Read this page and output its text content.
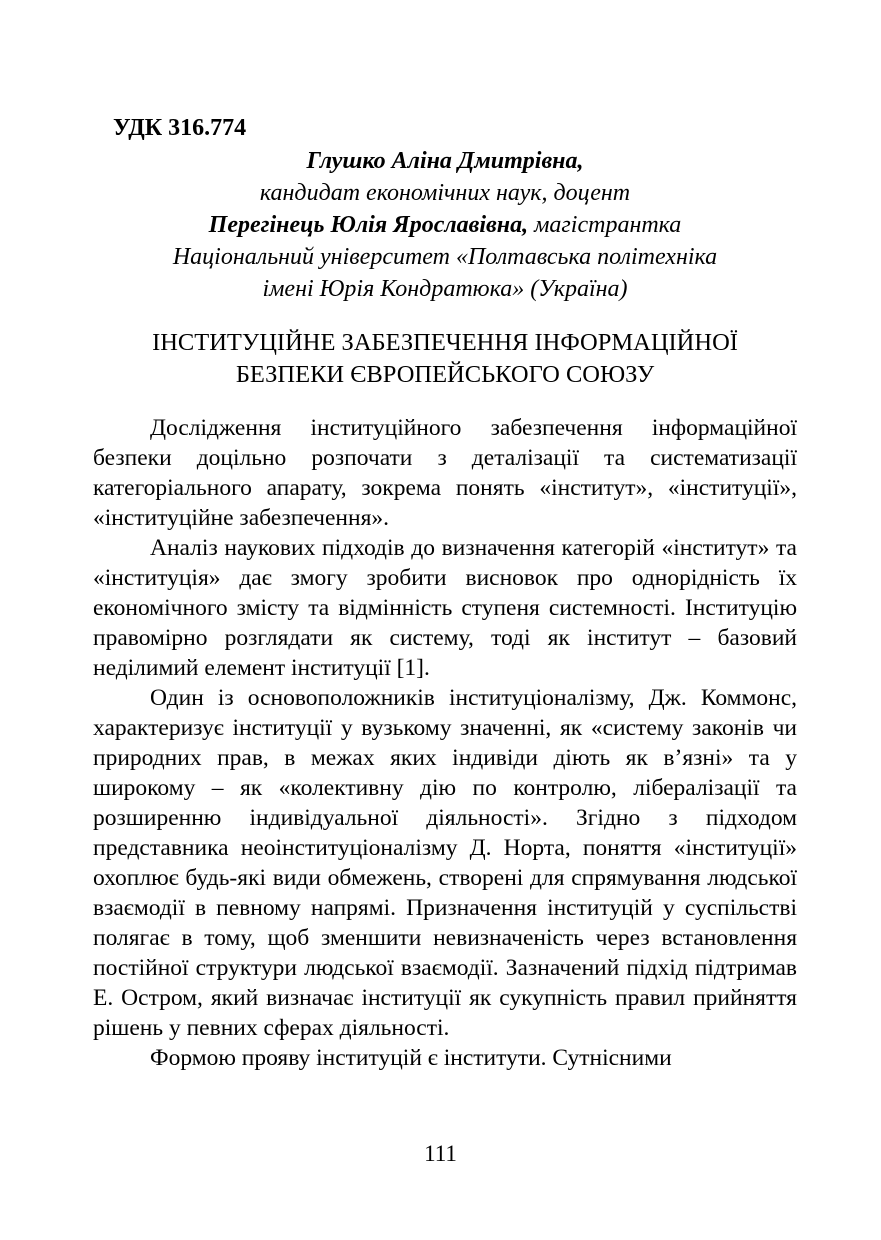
УДК 316.774
Глушко Аліна Дмитрівна,
кандидат економічних наук, доцент
Перегінець Юлія Ярославівна, магістрантка
Національний університет «Полтавська політехніка
імені Юрія Кондратюка» (Україна)
ІНСТИТУЦІЙНЕ ЗАБЕЗПЕЧЕННЯ ІНФОРМАЦІЙНОЇ БЕЗПЕКИ ЄВРОПЕЙСЬКОГО СОЮЗУ

Дослідження інституційного забезпечення інформаційної безпеки доцільно розпочати з деталізації та систематизації категоріального апарату, зокрема понять «інститут», «інституції», «інституційне забезпечення».

Аналіз наукових підходів до визначення категорій «інститут» та «інституція» дає змогу зробити висновок про однорідність їх економічного змісту та відмінність ступеня системності. Інституцію правомірно розглядати як систему, тоді як інститут – базовий неділимий елемент інституції [1].

Один із основоположників інституціоналізму, Дж. Коммонс, характеризує інституції у вузькому значенні, як «систему законів чи природних прав, в межах яких індивіди діють як в’язні» та у широкому – як «колективну дію по контролю, лібералізації та розширенню індивідуальної діяльності». Згідно з підходом представника неоінституціоналізму Д. Норта, поняття «інституції» охоплює будь-які види обмежень, створені для спрямування людської взаємодії в певному напрямі. Призначення інституцій у суспільстві полягає в тому, щоб зменшити невизначеність через встановлення постійної структури людської взаємодії. Зазначений підхід підтримав Е. Остром, який визначає інституції як сукупність правил прийняття рішень у певних сферах діяльності.

Формою прояву інституцій є інститути. Сутнісними

111
